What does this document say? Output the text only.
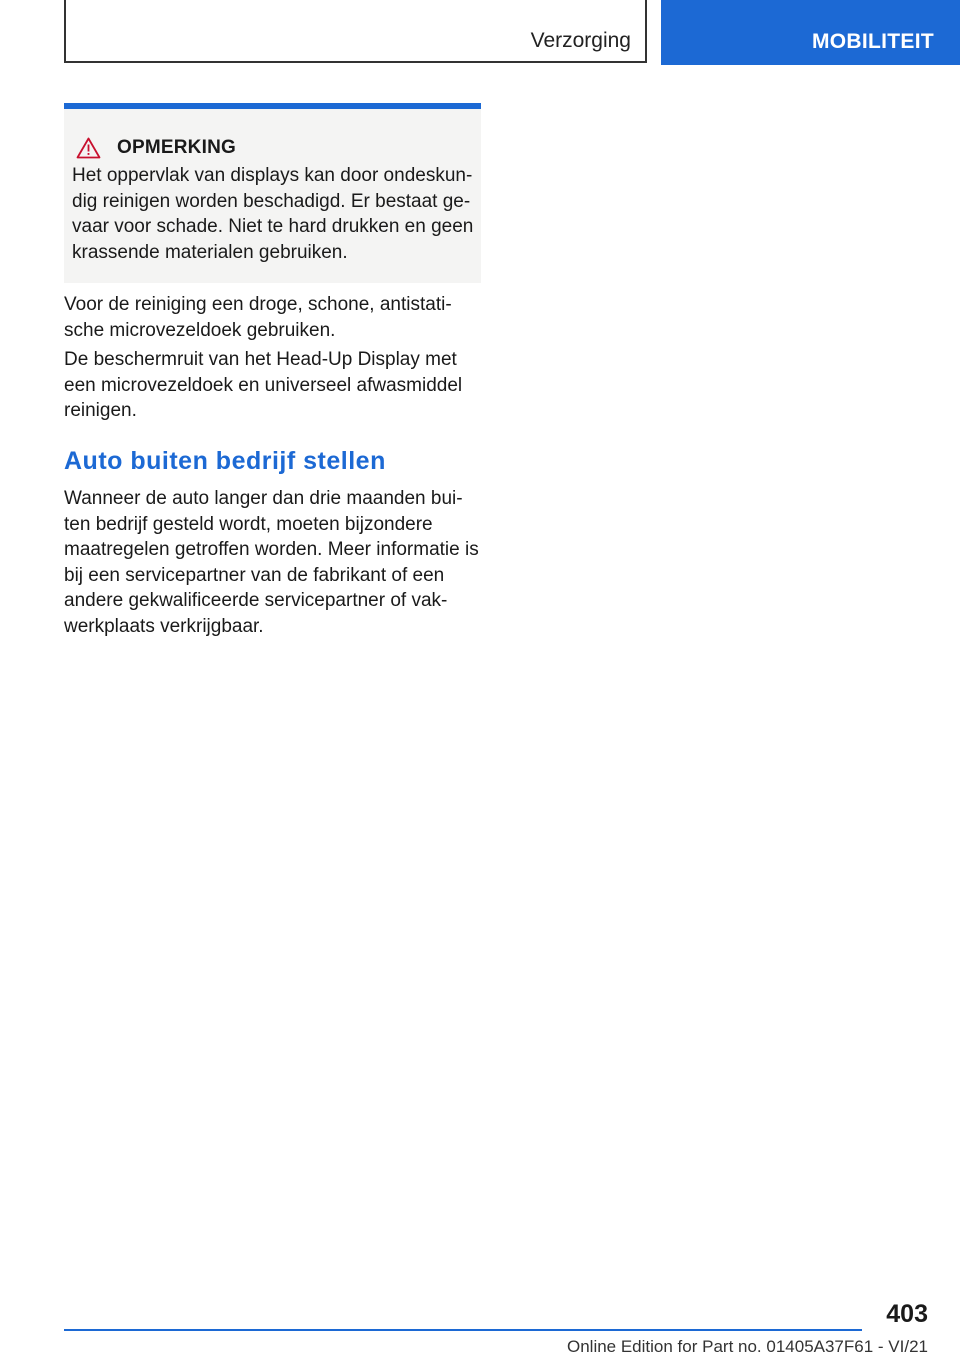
Verzorging	MOBILITEIT
OPMERKING
Het oppervlak van displays kan door ondeskundig reinigen worden beschadigd. Er bestaat gevaar voor schade. Niet te hard drukken en geen krassende materialen gebruiken.
Voor de reiniging een droge, schone, antistatische microvezeldoek gebruiken.
De beschermruit van het Head-Up Display met een microvezeldoek en universeel afwasmiddel reinigen.
Auto buiten bedrijf stellen
Wanneer de auto langer dan drie maanden buiten bedrijf gesteld wordt, moeten bijzondere maatregelen getroffen worden. Meer informatie is bij een servicepartner van de fabrikant of een andere gekwalificeerde servicepartner of vakwerkplaats verkrijgbaar.
403
Online Edition for Part no. 01405A37F61 - VI/21
